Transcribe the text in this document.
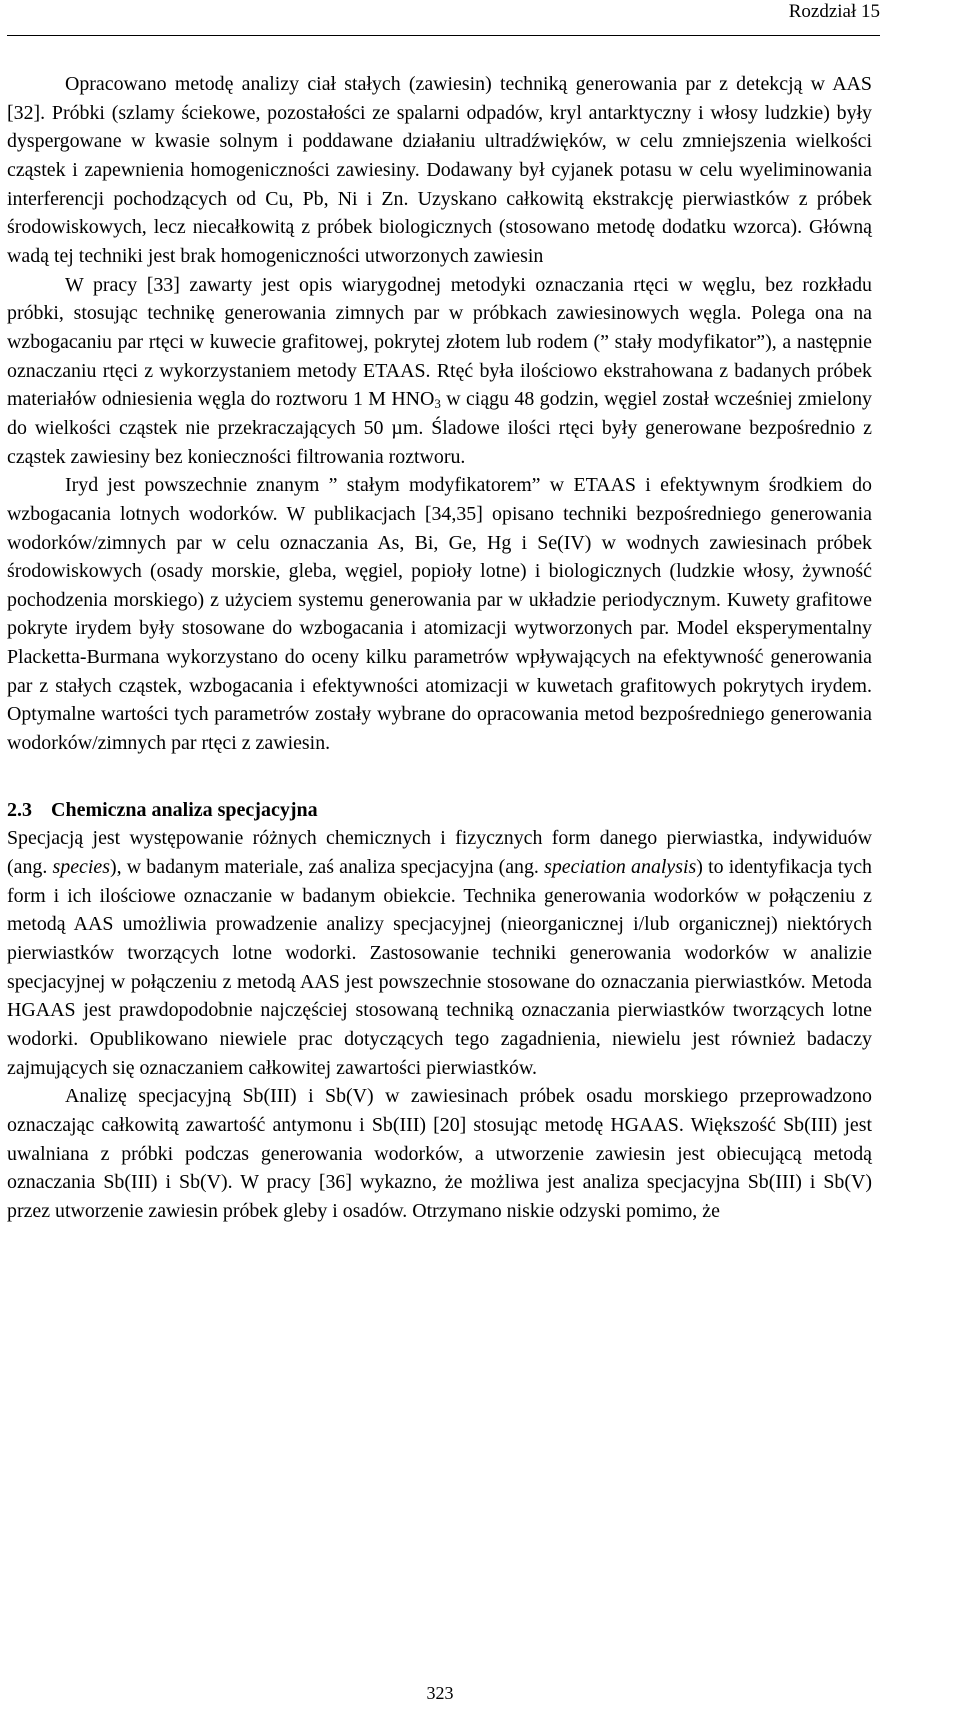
Rozdział 15

Opracowano metodę analizy ciał stałych (zawiesin) techniką generowania par z detekcją w AAS [32]. Próbki (szlamy ściekowe, pozostałości ze spalarni odpadów, kryl antarktyczny i włosy ludzkie) były dyspergowane w kwasie solnym i poddawane działaniu ultradźwięków, w celu zmniejszenia wielkości cząstek i zapewnienia homogeniczności zawiesiny. Dodawany był cyjanek potasu w celu wyeliminowania interferencji pochodzących od Cu, Pb, Ni i Zn. Uzyskano całkowitą ekstrakcję pierwiastków z próbek środowiskowych, lecz niecałkowitą z próbek biologicznych (stosowano metodę dodatku wzorca). Główną wadą tej techniki jest brak homogeniczności utworzonych zawiesin

W pracy [33] zawarty jest opis wiarygodnej metodyki oznaczania rtęci w węglu, bez rozkładu próbki, stosując technikę generowania zimnych par w próbkach zawiesinowych węgla. Polega ona na wzbogacaniu par rtęci w kuwecie grafitowej, pokrytej złotem lub rodem (” stały modyfikator”), a następnie oznaczaniu rtęci z wykorzystaniem metody ETAAS. Rtęć była ilościowo ekstrahowana z badanych próbek materiałów odniesienia węgla do roztworu 1 M $HNO_3$ w ciągu 48 godzin, węgiel został wcześniej zmielony do wielkości cząstek nie przekraczających 50 µm. Śladowe ilości rtęci były generowane bezpośrednio z cząstek zawiesiny bez konieczności filtrowania roztworu.

Iryd jest powszechnie znanym ” stałym modyfikatorem” w ETAAS i efektywnym środkiem do wzbogacania lotnych wodorków. W publikacjach [34,35] opisano techniki bezpośredniego generowania wodorków/zimnych par w celu oznaczania As, Bi, Ge, Hg i Se(IV) w wodnych zawiesinach próbek środowiskowych (osady morskie, gleba, węgiel, popioły lotne) i biologicznych (ludzkie włosy, żywność pochodzenia morskiego) z użyciem systemu generowania par w układzie periodycznym. Kuwety grafitowe pokryte irydem były stosowane do wzbogacania i atomizacji wytworzonych par. Model eksperymentalny Placketta-Burmana wykorzystano do oceny kilku parametrów wpływających na efektywność generowania par z stałych cząstek, wzbogacania i efektywności atomizacji w kuwetach grafitowych pokrytych irydem. Optymalne wartości tych parametrów zostały wybrane do opracowania metod bezpośredniego generowania wodorków/zimnych par rtęci z zawiesin.

2.3 Chemiczna analiza specjacyjna

Specjacją jest występowanie różnych chemicznych i fizycznych form danego pierwiastka, indywiduów (ang. species), w badanym materiale, zaś analiza specjacyjna (ang. speciation analysis) to identyfikacja tych form i ich ilościowe oznaczanie w badanym obiekcie. Technika generowania wodorków w połączeniu z metodą AAS umożliwia prowadzenie analizy specjacyjnej (nieorganicznej i/lub organicznej) niektórych pierwiastków tworzących lotne wodorki. Zastosowanie techniki generowania wodorków w analizie specjacyjnej w połączeniu z metodą AAS jest powszechnie stosowane do oznaczania pierwiastków. Metoda HGAAS jest prawdopodobnie najczęściej stosowaną techniką oznaczania pierwiastków tworzących lotne wodorki. Opublikowano niewiele prac dotyczących tego zagadnienia, niewielu jest również badaczy zajmujących się oznaczaniem całkowitej zawartości pierwiastków.

Analizę specjacyjną Sb(III) i Sb(V) w zawiesinach próbek osadu morskiego przeprowadzono oznaczając całkowitą zawartość antymonu i Sb(III) [20] stosując metodę HGAAS. Większość Sb(III) jest uwalniana z próbki podczas generowania wodorków, a utworzenie zawiesin jest obiecującą metodą oznaczania Sb(III) i Sb(V). W pracy [36] wykazno, że możliwa jest analiza specjacyjna Sb(III) i Sb(V) przez utworzenie zawiesin próbek gleby i osadów. Otrzymano niskie odzyski pomimo, że

323
